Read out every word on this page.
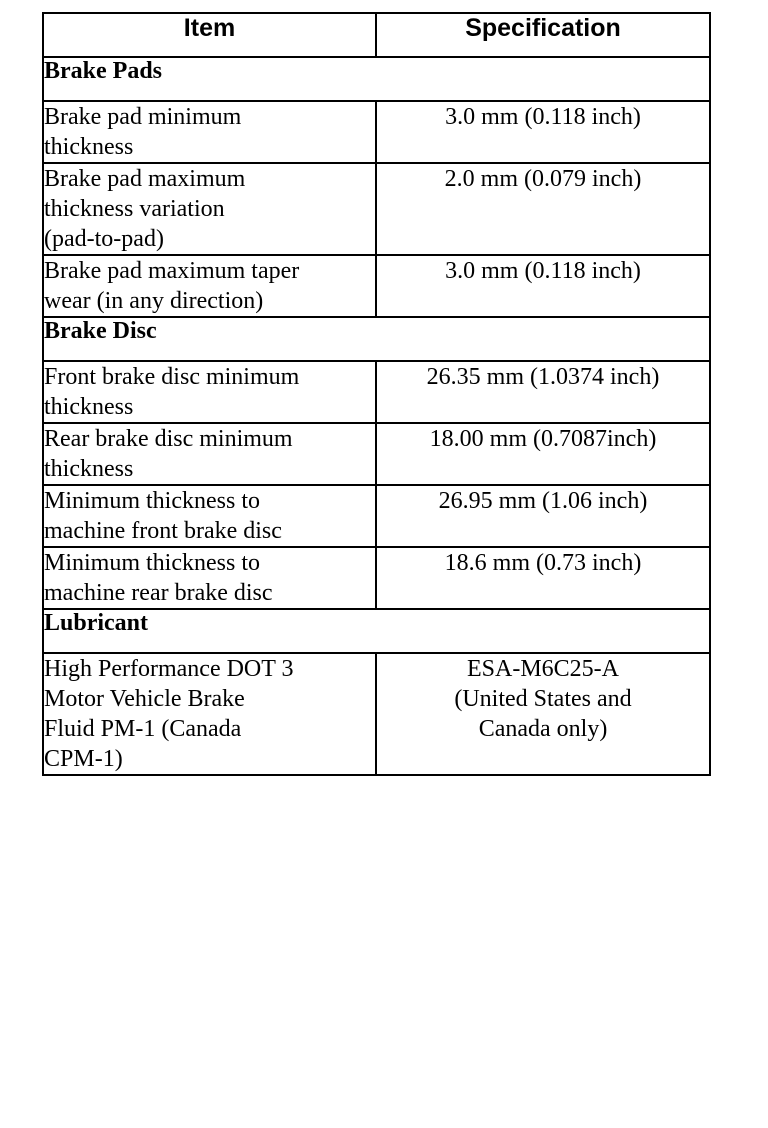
Item	Specification
Brake Pads	
Brake pad minimum
thickness	3.0 mm (0.118 inch)
Brake pad maximum
thickness variation
(pad-to-pad)	2.0 mm (0.079 inch)
Brake pad maximum taper
wear (in any direction)	3.0 mm (0.118 inch)
Brake Disc	
Front brake disc minimum
thickness	26.35 mm (1.0374 inch)
Rear brake disc minimum
thickness	18.00 mm (0.7087inch)
Minimum thickness to
machine front brake disc	26.95 mm (1.06 inch)
Minimum thickness to
machine rear brake disc	18.6 mm (0.73 inch)
Lubricant	
High Performance DOT 3
Motor Vehicle Brake
Fluid PM-1 (Canada
CPM-1)	ESA-M6C25-A
(United States and
Canada only)
